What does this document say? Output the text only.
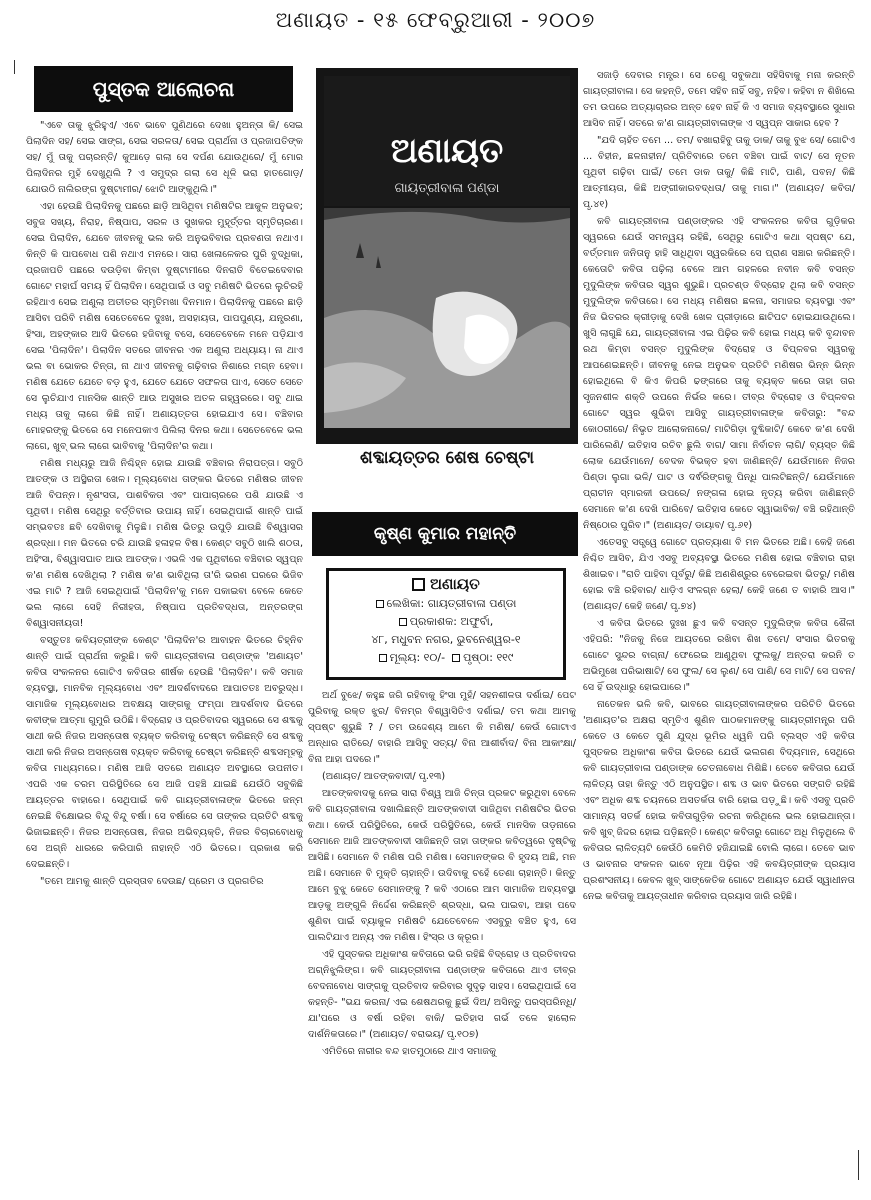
ଅଣାୟତ - ୧୫ ଫେବ୍ରୁଆରୀ - ୨୦୦୭
ପୁସ୍ତକ ଆଲୋଚନା

"ଏବେ ତାକୁ ଝୁରିହୁଏ/ ଏବେ ଭାବେ ପୁଣିଥରେ ଦେଖା ହୁଅନ୍ତା କି/ ସେଇ ପିଲାଦିନ ସହ/ ସେଇ ସାଙ୍ଗ, ସେଇ ସରଳତା/ ସେଇ ପ୍ରାର୍ଥନା ଓ ପ୍ରଜାପତିଙ୍କ ସହ/ ମୁଁ ତାକୁ ପଚାରନ୍ତି/ କୁଆଡ଼େ ଗଲା ସେ ଦର୍ପଣ ଯୋଉଥିରେ/ ମୁଁ ମୋର ପିଲାଦିନର ମୁହଁ ଦେଖୁଥିଲି ? ଏ ସମୁଦ୍ର ଗଲା ସେ ଧୂଳି ଭରା ହାତଗୋଡ଼/ ଯୋଉଠି ନାଲିରଙ୍ଗ ଦୁଷ୍ଟାମୀର/ ଝୋଟି ଆଙ୍କୁଥିଲି।"

ଏହା ହେଉଛି ପିଲାଦିନକୁ ପଛରେ ଛାଡ଼ି ଆସିଥିବା ମଣିଷଟିର ଆକୁଳ ଅନୁଭବ; ସବୁଜ ସଖ୍ୟ, ନିରାହ, ନିଷ୍ପାପ, ସରଳ ଓ ସୁଖକର ମୁହୂର୍ତ୍ତର ସ୍ମୃତିଚାରଣ। ସେଇ ପିଲାଦିନ, ଯେବେ ଜୀବନକୁ ଭଲ କରି ଅନୁଭବିବାର ପ୍ରବଣତା ନଥାଏ। କିନ୍ତି କି ପାପବୋଧ ପଶି ନଥାଏ ମନରେ। ସାରା ଖେଳାଳେକର ପୁରି ବୁଦ୍ଧିକା, ପ୍ରଜାପତି ପଛରେ ଦଉଡ଼ିବା କିମ୍ବା ଦୁଷ୍ଟାମୀରେ ଦିନରାତି ବିତେଇଦେବାର ଗୋଟେ ମହାର୍ଘ ସମୟ ହିଁ ପିଲାଦିନ। ସେଥିପାଇଁ ଓ ସବୁ ମଣିଷଟି ଭିତରେ ଲୁଚିରହି ରହିଥାଏ ସେଇ ଅଣୁଲା ଅତୀତର ସ୍ମୃତିମଖା ଦିନମାନ। ପିଲାଦିନକୁ ପଛରେ ଛାଡ଼ି ଆସିବା ପରିବି ମଣିଷ ସେତେବେଳେ ଦୁଃଖ, ଅସହାୟତା, ପାପପୁଣ୍ୟ, ଯନ୍ତ୍ରଣା, ହିଂସା, ଅହଙ୍କାର ଆଦି ଭିତରେ ହଜିବାକୁ ବସେ, ସେତେବେଳେ ମନେ ପଡ଼ିଯାଏ ସେଇ 'ପିଲାଦିନ'। ପିଲାଦିନ ସତରେ ଜୀବନର ଏକ ଅଣୁଲା ଅଧ୍ୟାୟ। ନା ଥାଏ ଭଲ ବା ଭୋକର ଚିନ୍ତା, ନା ଥାଏ ଜୀବନକୁ ଗଢ଼ିବାର ନିଶାରେ ମଗ୍ନ ହେବା। ମଣିଷ ଯେତେ ଯେତେ ବଡ଼ ହୁଏ, ଯେତେ ଯେତେ ସଫଳତା ପାଏ, ସେତେ ସେତେ ସେ ଲୁଚିଯାଏ ମାନସିକ ଶାନ୍ତି ଆଉ ଅସୁଖର ଅତଳ ଗହ୍ୱରରେ। ସବୁ ଥାଇ ମଧ୍ୟ ତାକୁ ଲାଗେ କିଛି ନାହିଁ। ଅଣାୟତ୍ତତା ହୋଇଯାଏ ସେ। ବଞ୍ଚିବାର ମୋହରଙ୍କୁ ଭିତରେ ସେ ମନେପକାଏ ପିଲିଲା ଦିନର କଥା। ସେତେବେଳେ ଭଲ ଲାଗେ, ଖୁବ୍ ଭଲ ଲାଗେ ଭାବିବାକୁ 'ପିଲାଦିନ'ର କଥା।

ମଣିଷ ମଧ୍ୟରୁ ଆଜି ନିଶ୍ଚିହ୍ନ ହୋଇ ଯାଉଛି ବଞ୍ଚିବାର ନିରାପତ୍ତା। ସବୁଠି ଆତଙ୍କ ଓ ଅସ୍ଥିରତା ଖେଳ। ମୂଲ୍ୟବୋଧ ତାଙ୍କର ଭିତରେ ମଣିଷର ଜୀବନ ଆଜି ବିପନ୍ନ। ନୃଶଂସତା, ପାଶବିକତା ଏବଂ ପାପାଚାରରେ ପଶି ଯାଉଛି ଏ ପୃଥିବୀ। ମଣିଷ ସେଥିରୁ ବର୍ତ୍ତିବାର ଉପାୟ ନାହିଁ। ସେଇଥିପାଇଁ ଶାନ୍ତି ପାଇଁ ସମ୍ଭବତଃ ଛବି ଦେଖିବାକୁ ମିଳୁଛି। ମଣିଷ ଭିତରୁ ଉପୁଡ଼ି ଯାଉଛି ବିଶ୍ୱାସର ଶ୍ରଦ୍ଧା। ମନ ଭିତରେ ଚରି ଯାଉଛି ହଳାହଳ ବିଷ। କେଣ୍ଟ ସବୁଠି ଖାଲି ଶଠତା, ଅହିଂସା, ବିଶ୍ୱାସଘାତ ଆଉ ଆତଙ୍କ। ଏଭଳି ଏକ ପୃଥିବୀରେ ବଞ୍ଚିବାର ସ୍ୱପ୍ନ କ'ଣ ମଣିଷ ଦେଖିଥିଲା ? ମଣିଷ କ'ଣ ଭାବିଥିଲା ତା'ରି ଭରଣ ଘରରେ ଭିଜିବ ଏଇ ମାଟି ? ଆଜି ସେଇଥିପାଇଁ 'ପିଲାଦିନ'କୁ ମନେ ପକାଇବା ବେଳେ କେତେ ଭଲ ଲାଗେ ସେହି ନିରୀହତା, ନିଷ୍ପାପ ପ୍ରତିବଦ୍ଧତା, ଅନ୍ତରଙ୍ଗ ବିଶ୍ୱାସନୀୟତା!

ବସ୍ତୁତଃ କବିୟତ୍ରୀଙ୍କ କେଣ୍ଟ 'ପିଲାଦିନ'ର ଆବାହନ ଭିତରେ ଚିହ୍ନିବ ଶାନ୍ତି ପାଇଁ ପ୍ରାର୍ଥନା କରୁଛି। କବି ଗାୟତ୍ରୀବାଳା ପଣ୍ଡାଙ୍କ 'ଅଣାୟତ' କବିତା ସଂକଳନର ଗୋଟିଏ କବିତାର ଶୀର୍ଷକ ହେଉଛି 'ପିଲାଦିନ'। କବି ସମାଜ ବ୍ୟବସ୍ଥା, ମାନବିକ ମୂଲ୍ୟବୋଧ ଏବଂ ଆଦର୍ଶବାଦରେ ଆପାତତଃ ଅବରୁଦ୍ଧ। ସାମାଜିକ ମୂଲ୍ୟବୋଧର ଅବକ୍ଷୟ ସାଙ୍ଗକୁ ଫମ୍ପା ଆଦର୍ଶବାଦ ଭିତରେ କବୀଙ୍କ ଆତ୍ମା ଗୁମୁରି ଉଠିଛି। ବିଦ୍ରୋହ ଓ ପ୍ରତିବାଦର ସ୍ୱରରେ ସେ ଶବ୍ଦକୁ ସାଥୀ କରି ନିଜର ଅସନ୍ତୋଷ ବ୍ୟକ୍ତ କରିବାକୁ ଚେଷ୍ଟା କରିଛନ୍ତି ସେ ଶବ୍ଦକୁ ସାଥୀ କରି ନିଜର ଅସନ୍ତୋଷ ବ୍ୟକ୍ତ କରିବାକୁ ଚେଷ୍ଟା କରିଛନ୍ତି ଶବ୍ଦସମୂହକୁ କବିତା ମାଧ୍ୟମରେ। ମଣିଷ ଆଜି ସତରେ ଅଣାୟତ ଅବସ୍ଥାରେ ଉପନୀତ। ଏପରି ଏକ ଚରମ ପରିସ୍ଥିତିରେ ସେ ଆଜି ପହଞ୍ଚି ଯାଇଛି ଯେଉଁଠି ସବୁକିଛି ଆୟତ୍ତର ବାହାରେ। ସେଥିପାଇଁ କବି ଗାୟତ୍ରୀବାଳାଙ୍କ ଭିତରେ ଜନ୍ମ ନେଇଛି ବିକ୍ଷୋଭର ବିନ୍ଦୁ ବିନ୍ଦୁ ବର୍ଷା। ସେ ବର୍ଷାରେ ସେ ତାଙ୍କର ପ୍ରତିଟି ଶବ୍ଦକୁ ଭିଜାଇଛନ୍ତି। ନିଜର ଅସନ୍ତୋଷ, ନିଜର ଅଭିବ୍ୟକ୍ତି, ନିଜର ବିଚାରବୋଧକୁ ସେ ଅଗ୍ନି ଧାରରେ କରିପାରି ନାହାନ୍ତି ଏଠି ଭିତରେ। ପ୍ରକାଶ କରି ଦେଇଛନ୍ତି।

"ତମେ ଆମକୁ ଶାନ୍ତି ପ୍ରସ୍ତାବ ଦେଉଛ/ ପ୍ରେମ ଓ ପ୍ରଗତିର

ଅଣାୟତ
ଗାୟତ୍ରୀବାଳା ପଣ୍ଡା
ଶବ୍ଦାୟତ୍ତର ଶେଷ ଚେଷ୍ଟା
କୃଷ୍ଣ କୁମାର ମହାନ୍ତି
ଅଣାୟତ
ଲେଖିକା: ଗାୟତ୍ରୀବାଳା ପଣ୍ଡା
ପ୍ରକାଶକ: ଅଫୁର୍ବା,
୪୮, ମଧୁବନ ନଗର, ଭୁବନେଶ୍ୱର-୧
ମୂଲ୍ୟ: ୧୦/- ପୃଷ୍ଠା: ୧୧୯

ଅର୍ଥ ବୁଝେ/ କହୁଛ ଜଗି ରହିବାକୁ ହିଂସା ମୁହଁ/ ସହନଶୀଳତା ଦର୍ଶାଇ/ ପେଟ ପୁରିବାକୁ ରକ୍ତ ଝୁର/ ବିନମ୍ର ବିଶ୍ୱାସିତିଏ ଦର୍ଶାଇ/ ତମ କଥା ଆମକୁ ସ୍ପଷ୍ଟ ଶୁଭୁଛି ? / ତମ ଉଦ୍ଦେଶ୍ୟ ଆମେ କି ମଣିଷ/ କେଉଁ ଗୋଟାଏ ଅନ୍ଧାର ରାତିରେ/ ବାହାରି ଆସିବୁ ସତ୍ୟ/ ବିନା ଆଶୀର୍ବାଦ/ ବିନା ଆକାଂକ୍ଷା/ ବିନା ଆହା ପଦରେ।"

(ଅଣାୟତ/ ଆତଙ୍କବାଦୀ/ ପୃ.୧୩)

ଆତଙ୍କବାଦକୁ ନେଇ ସାରା ବିଶ୍ୱ ଆଜି ଚିନ୍ତା ପ୍ରକଟ କରୁଥିବା ବେଳେ କବି ଗାୟତ୍ରୀବାଳା ଦଖାଲିଛନ୍ତି ଆତଙ୍କବାଦୀ ସାଜିଥିବା ମଣିଷଟିର ଭିତର କଥା। କେଉଁ ପରିସ୍ଥିତିରେ, କେଉଁ ପରିସ୍ଥିତିରେ, କେଉଁ ମାନସିକ ତାଡ଼ନାରେ ସେମାନେ ଆଜି ଆତଙ୍କବାଦୀ ସାଜିଛନ୍ତି ତାହା ତାଙ୍କର କବିତ୍ୱରେ ଦୃଷ୍ଟିକୁ ଆସିଛି। ସେମାନେ ବି ମଣିଷ ପରି ମଣିଷ। ସେମାନଙ୍କର ବି ହୃଦୟ ଅଛି, ମନ ଅଛି। ସେମାନେ ବି ମୁକ୍ତି ଚାହାନ୍ତି। ଉଦିବାକୁ ଚହେଁ ତେଣା ଚାହାନ୍ତି। କିନ୍ତୁ ଆମେ ବୁଝୁ କେତେ ସେମାନଙ୍କୁ ? କବି ଏଠାରେ ଆମ ସାମାଜିକ ଅବ୍ୟବସ୍ଥା ଆଡ଼କୁ ଅଙ୍ଗୁଳି ନିର୍ଦ୍ଦେଶ କରିଛନ୍ତି ଶ୍ରଦ୍ଧା, ଭଲ ପାଇବା, ଆହା ପଦେ ଶୁଣିବା ପାଇଁ ବ୍ୟାକୁଳ ମଣିଷଟି ଯେତେବେଳେ ଏସବୁରୁ ବଞ୍ଚିତ ହୁଏ, ସେ ପାଲଟିଯାଏ ଅନ୍ୟ ଏକ ମଣିଷ। ହିଂସ୍ର ଓ କ୍ରୂର।

ଏହି ପୁସ୍ତକର ଅଧିକାଂଶ କବିତାରେ ଭରି ରହିଛି ବିଦ୍ରୋହ ଓ ପ୍ରତିବାଦର ଅଗ୍ନିଝୁଲିଙ୍ଗ। କବି ଗାୟତ୍ରୀବାଳା ପଣ୍ଡାଙ୍କ କବିତାରେ ଥାଏ ତୀବ୍ର ବେଦନାବୋଧ ସାଙ୍ଗକୁ ପ୍ରତିବାଦ କରିବାର ସୁଦୃଢ଼ ସାହସ। ସେଇଥିପାଇଁ ସେ କହନ୍ତି- "ଭଯ କରନା/ ଏଇ ଶେଷଥରକୁ ଛୁଇଁ ଦିଅ/ ଅସିନ୍ତୁ ପରସ୍ପରିନ୍ଧି/ ଯା'ପରେ ଓ ବର୍ଷା ରହିବା ବାକି/ ଇତିହାସ ଗର୍ଭ ତଳେ ହାଲୋଳ ଦାର୍ଶନିକତାରେ।" (ଅଣାୟତ/ ବରାଭୟ/ ପୃ.୧୦୭)

ଏମିତିରେ ନାରୀର ବନ୍ଦ ହାତମୁଠାରେ ଥାଏ ସମାଜକୁ

ସଜାଡ଼ି ଦେବାର ମନ୍ତ୍ର। ସେ ତେଣୁ ସବୁକଥା ସହିସିବାକୁ ମନା କରନ୍ତି ଗାୟତ୍ରୀବାଳା। ସେ କହନ୍ତି, ତମେ ସହିବ ନାହିଁ ସବୁ, ନହିବ। କହିବା ନ ଶିଖିଲେ ତମ ଉପରେ ଅତ୍ୟାଚାରର ଅନ୍ତ ହେବ ନାହିଁ କି ଏ ସମାଜ ବ୍ୟବସ୍ଥାରେ ସୁଧାର ଆସିବ ନାହିଁ। ସତରେ କ'ଣ ଗାୟତ୍ରୀବାଳାଙ୍କ ଏ ସ୍ୱପ୍ନ ସାକାର ହେବ ?

"ଯଦି ଚାହଁତ ତମେ ... ତମ/ ବଖାରାହିବୁ ତାକୁ ଡାକ/ ତାକୁ ବୁଝ ସେ/ ଗୋଟିଏ ... ବିହୀନ, ଛଳନାହୀନ/ ପ୍ରିତିବାରେ ତମେ ବଞ୍ଚିବା ପାଇଁ ବାଟ/ ସେ ନୂତନ ପୃଥିବୀ ଗଢ଼ିବା ପାଇଁ/ ତମେ ଡାକ ତାକୁ/ କିଛି ମାଟି, ପାଣି, ପବନ/ କିଛି ଆତ୍ମୀୟତା, କିଛି ଅଙ୍ଗୀକାରବଦ୍ଧତା/ ତାକୁ ମାଗ।" (ଅଣାୟତ/ କବିତା/ ପୃ.୪୧)

କବି ଗାୟତ୍ରୀବାଳା ପଣ୍ଡାଙ୍କର ଏହି ସଂକଳନର କବିତା ଗୁଡ଼ିକର ସ୍ୱରରେ ଯେଉଁ ସମନ୍ୱୟ ରହିଛି, ସେଥିରୁ ଗୋଟିଏ କଥା ସ୍ପଷ୍ଟ ଯେ, ବର୍ତ୍ତମାନ ଜନିତାନୁ ହାହି ସାଧିଥିବା ସ୍ୱରକିରେ ସେ ପ୍ରାଣ ସଞ୍ଚାର କରିଛନ୍ତି। କେତୋଟି କବିତା ପଢ଼ିଲା ବେଳେ ଆମ ଗହଳରେ ନବୀନ କବି ବସନ୍ତ ମୁଦୁଲିଙ୍କ କବିତାର ସ୍ୱର ଶୁଭୁଛି। ପ୍ରଚଣ୍ଡ ବିଦ୍ରୋହ ଥିଲା କବି ବସନ୍ତ ମୁଦୁଲିଙ୍କ କବିତାରେ। ସେ ମଧ୍ୟ ମଣିଷର ଛଳନା, ସମାଜର ବ୍ୟବସ୍ଥା ଏବଂ ନିଜ ଭିତରର କ୍ରୀଡ଼ାକୁ ଦେଖି ଖେଳ ପ୍ରୀଡ଼ାରେ ଛାଟିପଟ ହୋଇଯାଉଥିଲେ। ଖୁସି ଲାଗୁଛି ଯେ, ଗାୟତ୍ରୀବାଳା ଏଇ ପିଢ଼ିର କବି ହୋଇ ମଧ୍ୟ କବି ବୃନ୍ଦାବନ ରଥ କିମ୍ବା ବସନ୍ତ ମୁଦୁଲିଙ୍କ ବିଦ୍ରୋହ ଓ ବିପ୍ଳବର ସ୍ୱରକୁ ଆପଣେଇଛନ୍ତି। ଜୀବନକୁ ନେଇ ଅନୁଭବ ପ୍ରତିଟି ମଣିଷର ଭିନ୍ନ ଭିନ୍ନ ହୋଇଥିଲେ ବି କିଏ କିପରି ଢଙ୍ଗରେ ତାକୁ ବ୍ୟକ୍ତ କରେ ତାହା ତାର ସୃଜନଶୀଳ ଶକ୍ତି ଉପରେ ନିର୍ଭର କରେ। ତୀବ୍ର ବିଦ୍ରୋହ ଓ ବିପ୍ଳବର ଗୋଟେ ସ୍ୱର ଶୁଭିବା ଆସିବୁ ଗାୟତ୍ରୀବାଳାଙ୍କ କବିତାରୁ: "ବନ୍ଦ କୋଠରୀରେ/ ନିଭୃତ ଆଲୋକନାରେ/ ମାଟିଗିଡ଼ା ଦୁବ୍ଦିକାଟି/ କେବେ କ'ଣ ଦେଖି ପାରିଲେଣି/ ଇତିହାସ ରଚିବ ଛୁଲି ବାଗ/ ସାମା ନିର୍ବାଚନ ଲାଗି/ ବ୍ୟସ୍ତ କିଛି ଲୋକ ଯେଉଁମାନେ/ ବେଦକ ବିଭକ୍ତ ହବା ଜାଣିଛନ୍ତି/ ଯେଉଁମାନେ ନିଜର ପିଣ୍ଡା ଲୁଗା ଭଳି/ ପାଟ ଓ ଦର୍ଵରିଙ୍ଗକୁ ପିନ୍ଧି ପାଲଟିଛନ୍ତି/ ଯେଉଁମାନେ ପ୍ରାଚୀନ ସ୍ମାରକୀ ଉପରେ/ ନଙ୍ଗଳା ହୋଇ ନୃତ୍ୟ କରିବା ଜାଣିଛନ୍ତି ସେମାନେ କ'ଣ ଦେଖି ପାରିବେ/ ଇତିହାସ କେତେ ସ୍ୱାଭାବିକ/ ବଞ୍ଚି ରହିଥାନ୍ତି ନିଷ୍ଠୋର ପୁରିବ।" (ଅଣାୟତ/ ଡାୟାବ/ ପୃ.୬୧)

ଏତେସବୁ ସତ୍ତ୍ୱେ ଗୋଟେ ପ୍ରତ୍ୟାଶା ବି ମନ ଭିତରେ ଅଛି। କେହି ଜଣେ ନିଶ୍ଚିତ ଆସିବ, ଯିଏ ଏସବୁ ଅବ୍ୟବସ୍ଥା ଭିତରେ ମଣିଷ ହୋଇ ବଞ୍ଚିବାର ରାହା ଶିଖାଇବ। "ରାତି ପାହିବା ପୂର୍ବରୁ/ କିଛି ଅଣଶିଶ୍ରୁର ବେରେଇବା ଭିତରୁ/ ମଣିଷ ହୋଇ ବଞ୍ଚି ରହିବାର/ ଧାଡ଼ିଏ ସଂଳଗ୍ନ ହେଲା/ କେହି ଜଣେ ତ ବାହାରି ଆସ।" (ଅଣାୟତ/ କେହି ଜଣେ/ ପୃ.୭୪)

ଏ କବିତା ଭିତରେ ଦୁଃଖ ଛୁଏ କବି ବସନ୍ତ ମୁଦୁଲିଙ୍କ କବିତା ଶୈଳୀ ଏହିପରି: "ନିଜକୁ ନିଜେ ଆୟତରେ ରଖିବା ଶିଖ ତମେ/ ସଂସାର ଭିତରକୁ ଗୋଟେ ସୁନ୍ଦର ବାଗ୍ନା/ ଫେରେଇ ଆଣୁଥିବା ଫୁଲକୁ/ ଅନ୍ତରା କରନି ତ ଅଭିମୁଖେ ପରିଭାଷାଟି/ ସେ ଫୁଲ/ ସେ ଲୁଣ/ ସେ ପାଣି/ ସେ ମାଟି/ ସେ ପବନ/ ସେ ହିଁ ଉଦ୍ଧାରୁ ହୋଇପାରେ।"

ନାତେକନ ଭଳି କବି, ଭାବରେ ଗାୟତ୍ରୀବାଳାଙ୍କର ପରିଚିତି ଭିତରେ 'ଅଣାୟତ'ର ଅକ୍ଷରା ସ୍ମୃତିଏ ଶୁଣିନ ପାଠକମାନଙ୍କୁ ଗାୟତ୍ରୀମନ୍ତ୍ର ପରି କେତେ ଓ କେତେ ପୁଣି ଯୁଦ୍ଧ ଭୂମିର ଧ୍ୱନି ପରି ବ୍ଲସ୍ତ ଏହି କବିତା ପୁସ୍ତକର ଅଧିକାଂଶ କବିତା ଭିତରେ ଯେଉଁ ଭଲଗଣ ବିଦ୍ୟମାନ, ସେଥିରେ କବି ଗାୟତ୍ରୀବାଳା ପଣ୍ଡାଙ୍କ ଚେତନାବୋଧ ମିଶିଛି। ତେବେ କବିତାର ଯେଉଁ ଲାଳିତ୍ୟ ତାହା କିନ୍ତୁ ଏଠି ଅନୁପସ୍ଥିତ। ଶବ୍ଦ ଓ ଭାବ ଭିତରେ ସଙ୍ଗତି ରହିଛି ଏବଂ ଅଧିକ ଶବ୍ଦ ଚୟନରେ ଅସତର୍କତା ବାରି ହୋଇ ପଡ଼ୁଛି। କବି ଏସବୁ ପ୍ରତି ସାମାନ୍ୟ ସତର୍କ ହୋଇ କବିତାଗୁଡ଼ିକ ରଚନା କରିଥିଲେ ଭଲ ହୋଇଥାନ୍ତା। କବି ଖୁବ୍ ଜିଦ୍ଦର ହୋଇ ପଡ଼ିଛନ୍ତି। କେଣ୍ଟ କବିତାରୁ ଗୋଟେ ଅଧି ମିଳୁଥିଲେ ବି କବିତାର ଲାଳିତ୍ୟଟି କେଉଁଠି କେମିତି ହଜିଯାଇଛି ବୋଲି ଲାଗେ। ତେବେ ଭାବ ଓ ଭାବନାର ସଂକଳନ ଭାବେ ନୂଆ ପିଢ଼ିର ଏହି କବୟିତ୍ରୀଙ୍କ ପ୍ରୟାସ ପ୍ରଶଂସନୀୟ। କେବଳ ଖୁବ୍ ସାଙ୍କେତିକ ଗୋଟେ ଅଣାୟତ ଯେଉଁ ସ୍ୱାଧୀନତା ନେଇ କବିତାକୁ ଆୟତ୍ତାଧୀନ କରିବାର ପ୍ରୟାସ ଜାରି ରହିଛି।
